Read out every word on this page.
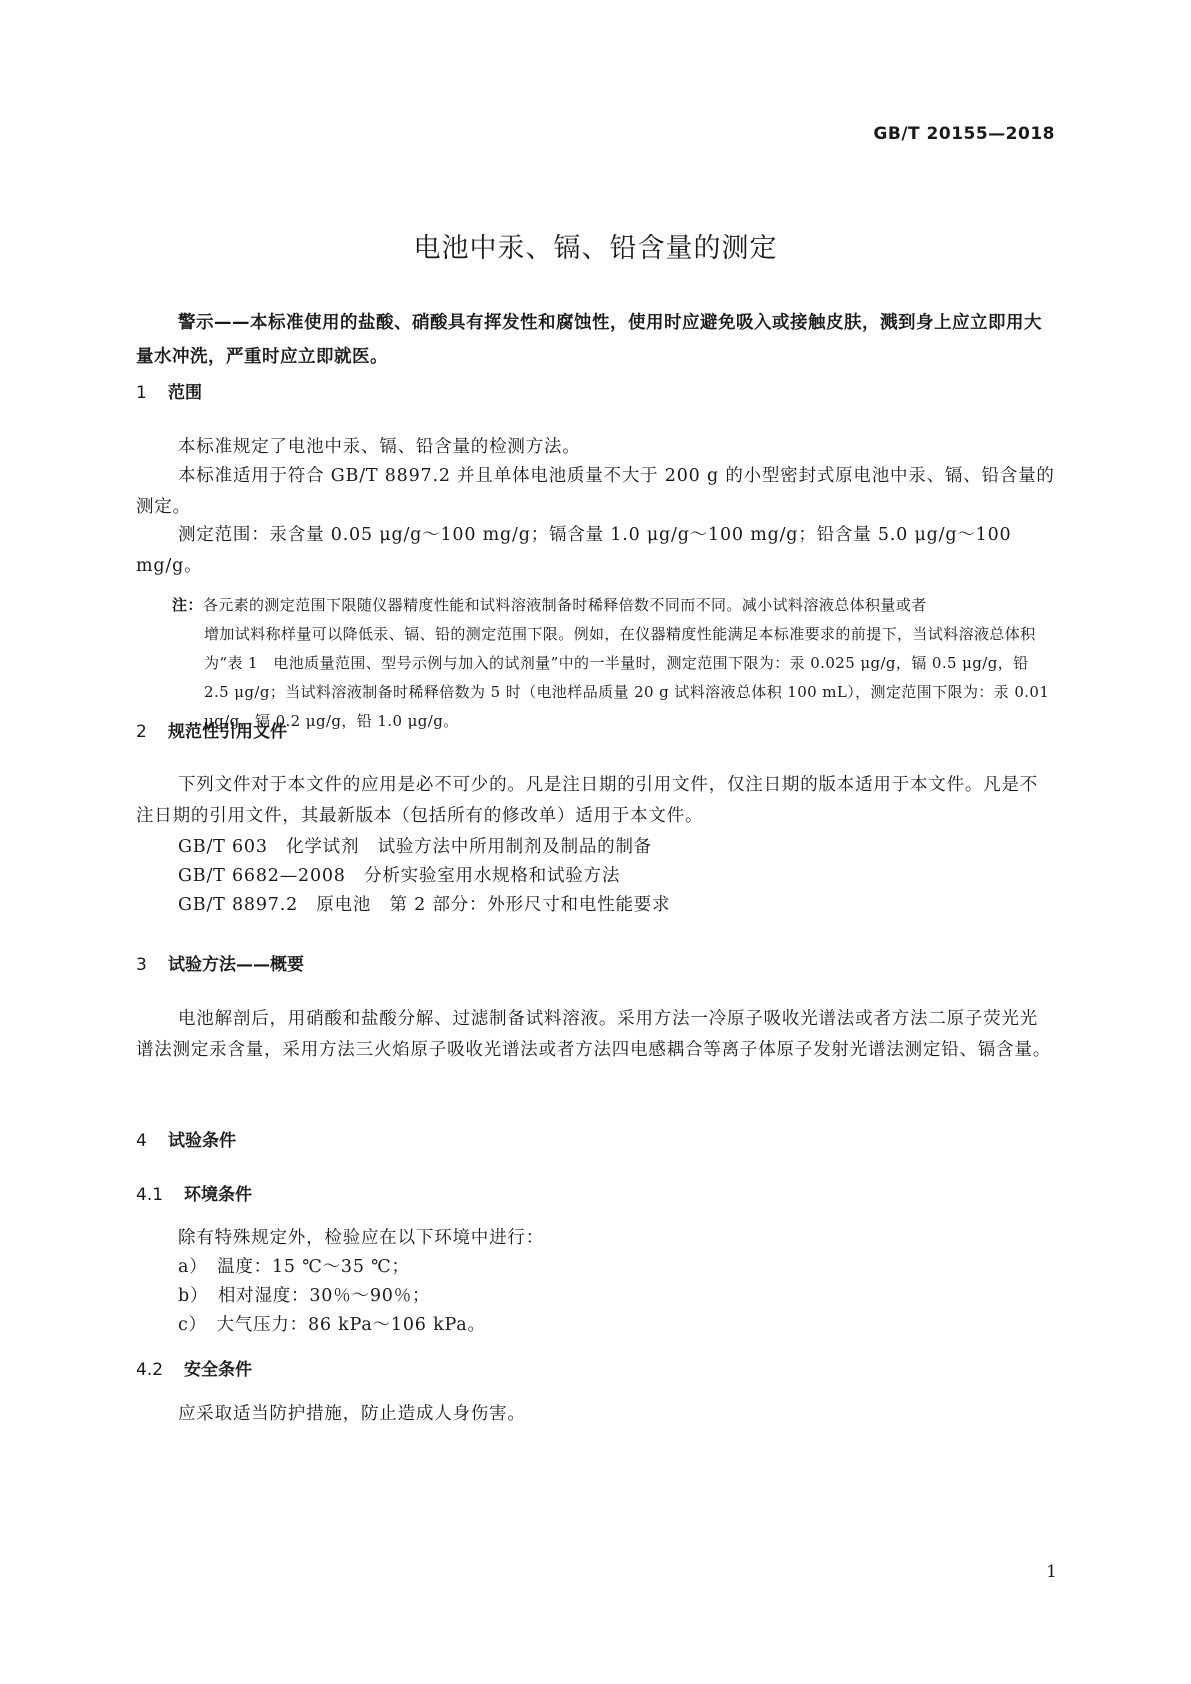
GB/T 20155—2018
电池中汞、镉、铅含量的测定
警示——本标准使用的盐酸、硝酸具有挥发性和腐蚀性，使用时应避免吸入或接触皮肤，溅到身上应立即用大量水冲洗，严重时应立即就医。
1 范围
本标准规定了电池中汞、镉、铅含量的检测方法。
本标准适用于符合 GB/T 8897.2 并且单体电池质量不大于 200 g 的小型密封式原电池中汞、镉、铅含量的测定。
测定范围：汞含量 0.05 μg/g～100 mg/g；镉含量 1.0 μg/g～100 mg/g；铅含量 5.0 μg/g～100 mg/g。
注：各元素的测定范围下限随仪器精度性能和试料溶液制备时稀释倍数不同而不同。减小试料溶液总体积量或者
增加试料称样量可以降低汞、镉、铅的测定范围下限。例如，在仪器精度性能满足本标准要求的前提下，当试料溶液总体积为“表 1　电池质量范围、型号示例与加入的试剂量”中的一半量时，测定范围下限为：汞 0.025 μg/g，镉 0.5 μg/g，铅 2.5 μg/g；当试料溶液制备时稀释倍数为 5 时（电池样品质量 20 g 试料溶液总体积 100 mL），测定范围下限为：汞 0.01 μg/g，镉 0.2 μg/g，铅 1.0 μg/g。
2 规范性引用文件
下列文件对于本文件的应用是必不可少的。凡是注日期的引用文件，仅注日期的版本适用于本文件。凡是不注日期的引用文件，其最新版本（包括所有的修改单）适用于本文件。
GB/T 603　化学试剂　试验方法中所用制剂及制品的制备
GB/T 6682—2008　分析实验室用水规格和试验方法
GB/T 8897.2　原电池　第 2 部分：外形尺寸和电性能要求
3 试验方法——概要
电池解剖后，用硝酸和盐酸分解、过滤制备试料溶液。采用方法一冷原子吸收光谱法或者方法二原子荧光光谱法测定汞含量，采用方法三火焰原子吸收光谱法或者方法四电感耦合等离子体原子发射光谱法测定铅、镉含量。
4 试验条件
4.1 环境条件
除有特殊规定外，检验应在以下环境中进行：
a）　温度：15 ℃～35 ℃；
b）　相对湿度：30％～90％；
c）　大气压力：86 kPa～106 kPa。
4.2 安全条件
应采取适当防护措施，防止造成人身伤害。
1
